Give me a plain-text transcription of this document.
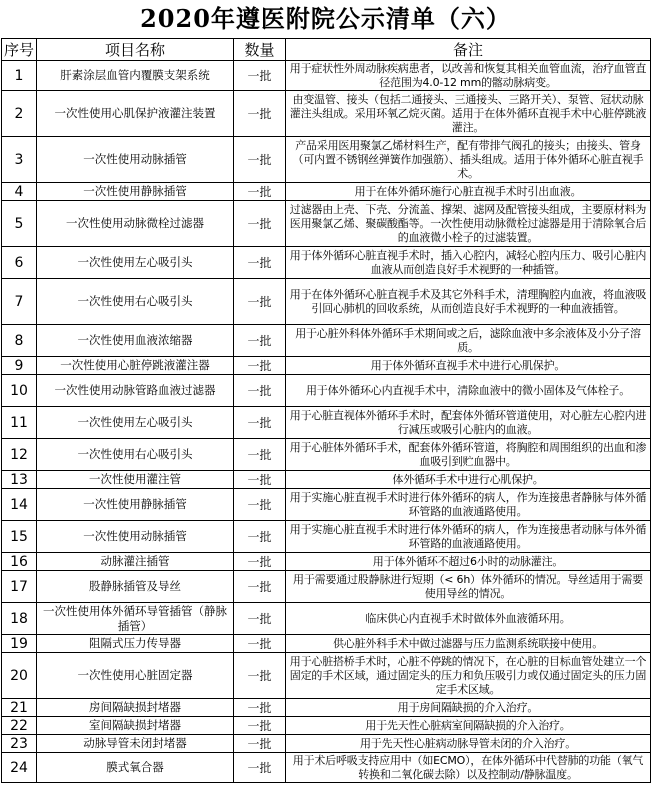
2020年遵医附院公示清单（六）
序号	项目名称	数量	备注
1	肝素涂层血管内覆膜支架系统	一批	用于症状性外周动脉疾病患者，以改善和恢复其相关血管血流，治疗血管直径范围为4.0-12 mm的髂动脉病变。
2	一次性使用心肌保护液灌注装置	一批	由变温管、接头（包括二通接头、三通接头、三路开关）、泵管、冠状动脉灌注头组成。采用环氧乙烷灭菌。适用于在体外循环直视手术中心脏停跳液灌注。
3	一次性使用动脉插管	一批	产品采用医用聚氯乙烯材料生产，配有带排气阀孔的接头；由接头、管身（可内置不锈钢丝弹簧作加强筋）、插头组成。适用于体外循环心脏直视手术。
4	一次性使用静脉插管	一批	用于在体外循环施行心脏直视手术时引出血液。
5	一次性使用动脉微栓过滤器	一批	过滤器由上壳、下壳、分流盖、撑架、滤网及配管接头组成，主要原材料为医用聚氯乙烯、聚碳酸酯等。一次性使用动脉微栓过滤器是用于清除氧合后的血液微小栓子的过滤装置。
6	一次性使用左心吸引头	一批	用于体外循环心脏直视手术时，插入心腔内，减轻心腔内压力、吸引心脏内血液从而创造良好手术视野的一种插管。
7	一次性使用右心吸引头	一批	用于在体外循环心脏直视手术及其它外科手术，清理胸腔内血液，将血液吸引回心肺机的回收系统，从而创造良好手术视野的一种血液插管。
8	一次性使用血液浓缩器	一批	用于心脏外科体外循环手术期间或之后，滤除血液中多余液体及小分子溶质。
9	一次性使用心脏停跳液灌注器	一批	用于体外循环直视手术中进行心肌保护。
10	一次性使用动脉管路血液过滤器	一批	用于体外循环心内直视手术中，清除血液中的微小固体及气体栓子。
11	一次性使用左心吸引头	一批	用于心脏直视体外循环手术时，配套体外循环管道使用，对心脏左心腔内进行减压或吸引心脏内的血液。
12	一次性使用右心吸引头	一批	用于心脏体外循环手术，配套体外循环管道，将胸腔和周围组织的出血和渗血吸引到贮血器中。
13	一次性使用灌注管	一批	体外循环手术中进行心肌保护。
14	一次性使用静脉插管	一批	用于实施心脏直视手术时进行体外循环的病人，作为连接患者静脉与体外循环管路的血液通路使用。
15	一次性使用动脉插管	一批	用于实施心脏直视手术时进行体外循环的病人，作为连接患者动脉与体外循环管路的血液通路使用。
16	动脉灌注插管	一批	用于体外循环不超过6小时的动脉灌注。
17	股静脉插管及导丝	一批	用于需要通过股静脉进行短期（< 6h）体外循环的情况。导丝适用于需要使用导丝的情况。
18	一次性使用体外循环导管插管（静脉插管）	一批	临床供心内直视手术时做体外血液循环用。
19	阻隔式压力传导器	一批	供心脏外科手术中做过滤器与压力监测系统联接中使用。
20	一次性使用心脏固定器	一批	用于心脏搭桥手术时，心脏不停跳的情况下，在心脏的目标血管处建立一个固定的手术区域，通过固定头的压力和负压吸引力或仅通过固定头的压力固定手术区域。
21	房间隔缺损封堵器	一批	用于房间隔缺损的介入治疗。
22	室间隔缺损封堵器	一批	用于先天性心脏病室间隔缺损的介入治疗。
23	动脉导管未闭封堵器	一批	用于先天性心脏病动脉导管未闭的介入治疗。
24	膜式氧合器	一批	用于术后呼吸支持应用中（如ECMO），在体外循环中代替肺的功能（氧气转换和二氧化碳去除）以及控制动/静脉温度。
